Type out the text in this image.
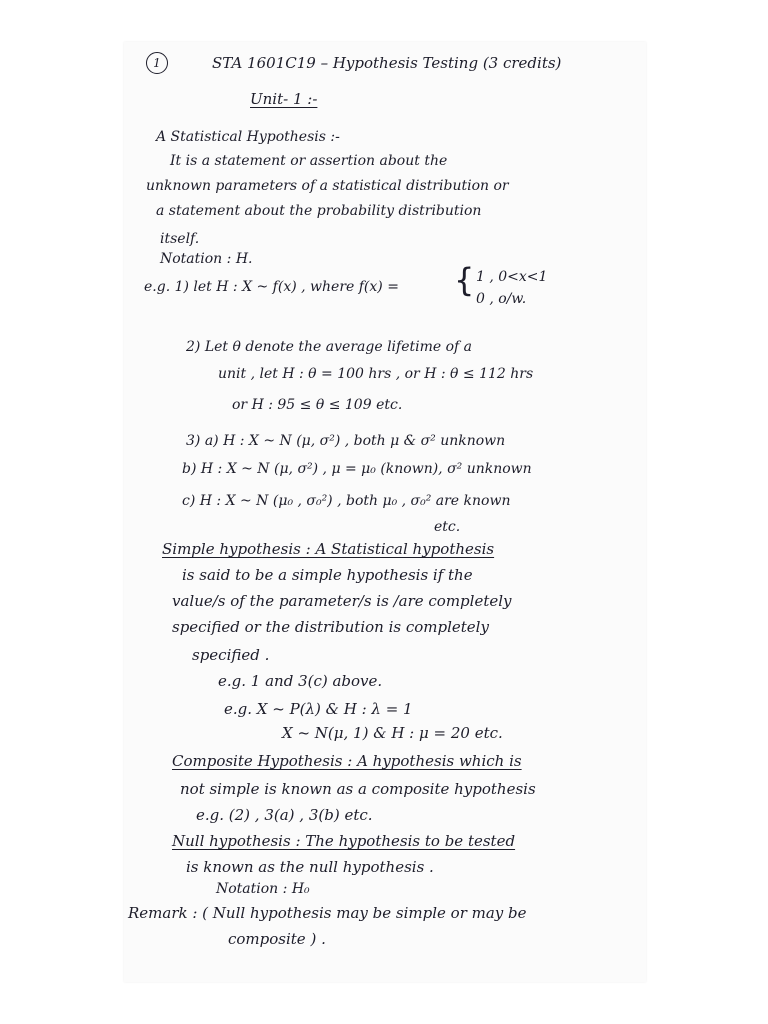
1	STA 1601C19 – Hypothesis Testing (3 credits)
Unit- 1 :-
A Statistical Hypothesis :-
It is a statement or assertion about the
unknown parameters of a statistical distribution or
a statement about the probability distribution
itself.
Notation : H.
e.g. 1) let H : X ~ f(x) , where f(x) = { 1 , 0<x<1
0 , o/w.
2) Let θ denote the average lifetime of a
unit , let H : θ = 100 hrs , or H : θ ≤ 112 hrs
or H : 95 ≤ θ ≤ 109 etc.
3) a) H : X ~ N (μ, σ²) , both μ & σ² unknown
b) H : X ~ N (μ, σ²) , μ = μ₀ (known), σ² unknown
c) H : X ~ N (μ₀ , σ₀²) , both μ₀ , σ₀² are known
etc.
Simple hypothesis : A Statistical hypothesis
is said to be a simple hypothesis if the
value/s of the parameter/s is /are completely
specified or the distribution is completely
specified .
e.g. 1 and 3(c) above.
e.g. X ~ P(λ) & H : λ = 1
X ~ N(μ, 1) & H : μ = 20 etc.
Composite Hypothesis : A hypothesis which is
not simple is known as a composite hypothesis
e.g. (2) , 3(a) , 3(b) etc.
Null hypothesis : The hypothesis to be tested
is known as the null hypothesis .
Notation : H₀
Remark : ( Null hypothesis may be simple or may be
composite ) .
